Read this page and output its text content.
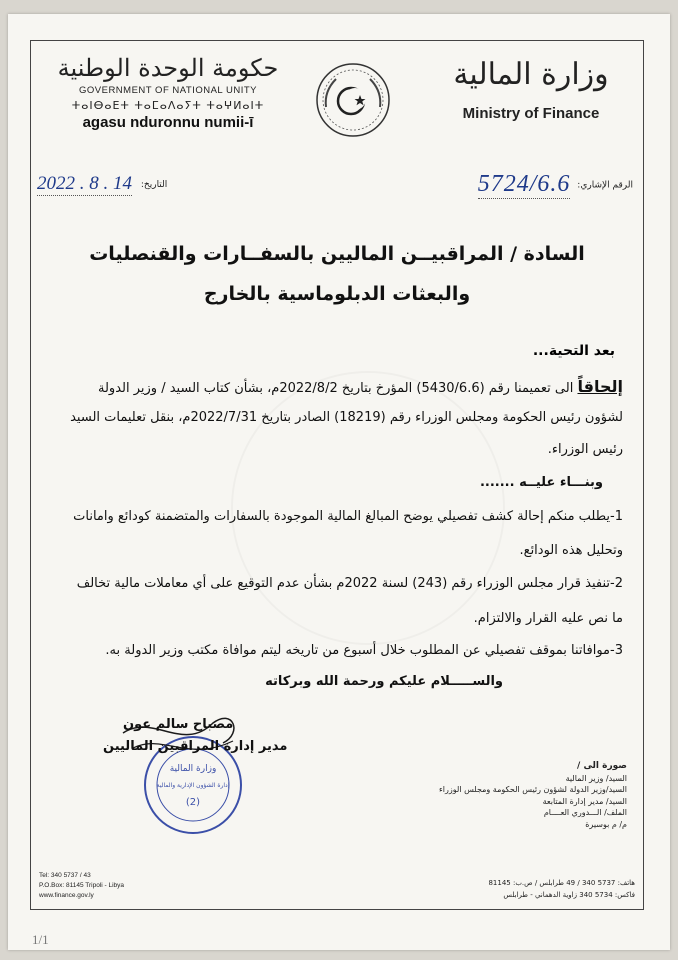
حكومة الوحدة الوطنية
GOVERNMENT OF NATIONAL UNITY
ⵜⴰⵏⴱⴰⴹⵜ ⵜⴰⵎⴰⴷⴰⵢⵜ ⵜⴰⵖⵍⴰⵏⵜ
agasu nduronnu numii-ī
وزارة المالية
Ministry of Finance
الرقم الإشاري: 5724/6.6
التاريخ: 2022 . 8 . 14
السادة / المراقبيــن الماليين بالسفــارات والقنصليات
والبعثات الدبلوماسية بالخارج
بعد التحية...
إلحاقاً الى تعميمنا رقم (5430/6.6) المؤرخ بتاريخ 2022/8/2م، بشأن كتاب السيد / وزير الدولة
لشؤون رئيس الحكومة ومجلس الوزراء رقم (18219) الصادر بتاريخ 2022/7/31م، بنقل تعليمات السيد
رئيس الوزراء.
وبنـــاء عليــه .......
1-يطلب منكم إحالة كشف تفصيلي يوضح المبالغ المالية الموجودة بالسفارات والمتضمنة كودائع وامانات
وتحليل هذه الودائع.
2-تنفيذ قرار مجلس الوزراء رقم (243) لسنة 2022م بشأن عدم التوقيع على أي معاملات مالية تخالف
ما نص عليه القرار والالتزام.
3-موافاتنا بموقف تفصيلي عن المطلوب خلال أسبوع من تاريخه ليتم موافاة مكتب وزير الدولة به.
والســـــلام عليكم ورحمة الله وبركاته
وزارة المالية
إدارة الشؤون الإدارية والمالية
(2)
مصباح سالم عون
مدير إدارة المراقبين الماليين
صورة الى /
السيد/ وزير المالية
السيد/وزير الدولة لشؤون رئيس الحكومة ومجلس الوزراء
السيد/ مدير إدارة المتابعة
الملف/ الـــدوري العــــام
م/ م بوسيرة
Tel: 340 5737 / 43
P.O.Box: 81145 Tripoli - Libya
www.finance.gov.ly
هاتف: 5737 340 / 49 طرابلس / ص.ب: 81145
فاكس: 5734 340 زاوية الدهماني - طرابلس
1/1
